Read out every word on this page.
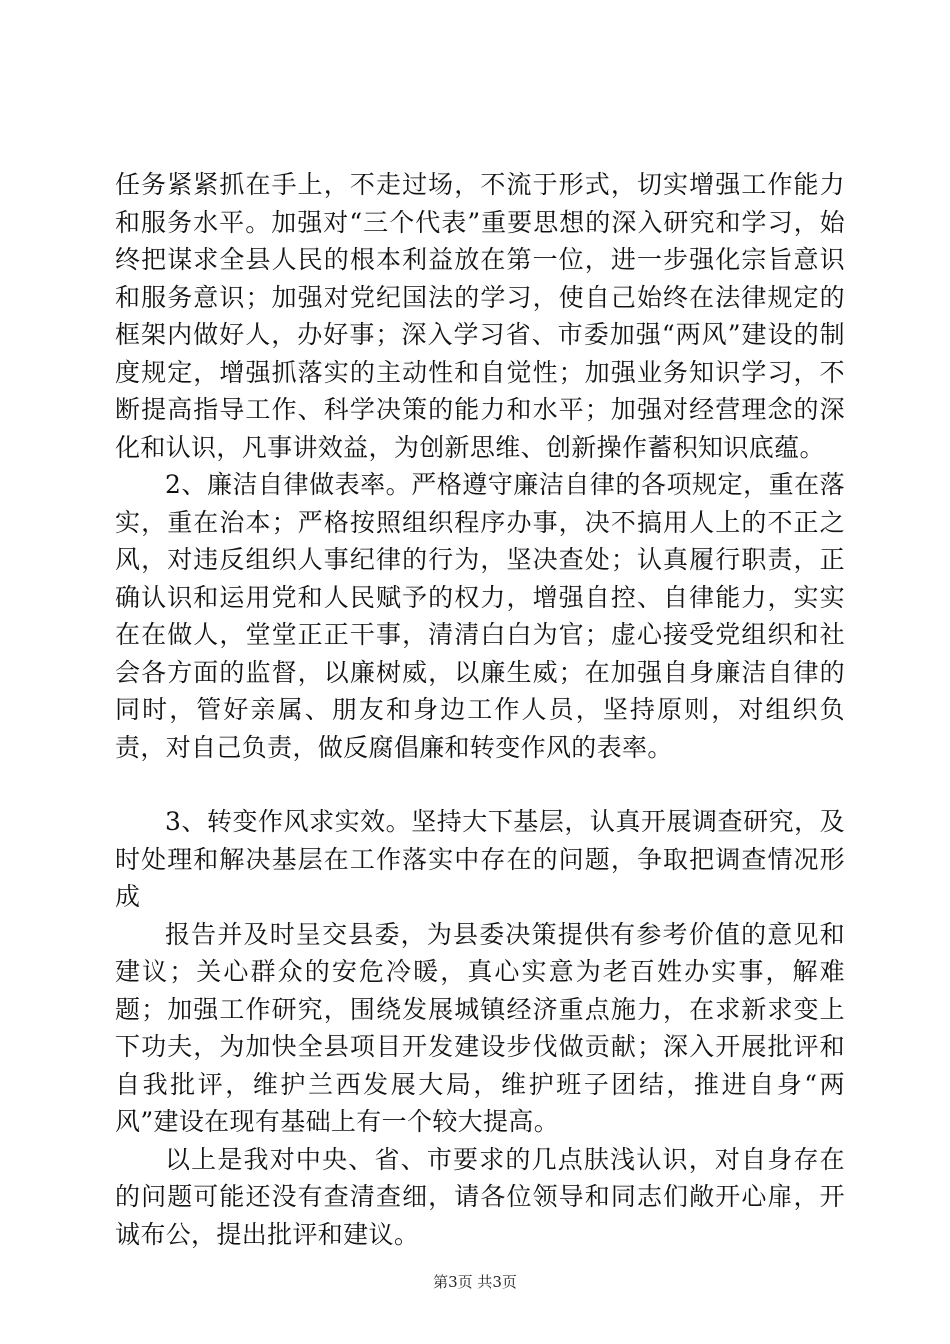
任务紧紧抓在手上，不走过场，不流于形式，切实增强工作能力和服务水平。加强对“三个代表”重要思想的深入研究和学习，始终把谋求全县人民的根本利益放在第一位，进一步强化宗旨意识和服务意识；加强对党纪国法的学习，使自己始终在法律规定的框架内做好人，办好事；深入学习省、市委加强“两风”建设的制度规定，增强抓落实的主动性和自觉性；加强业务知识学习，不断提高指导工作、科学决策的能力和水平；加强对经营理念的深化和认识，凡事讲效益，为创新思维、创新操作蓄积知识底蕴。

2、廉洁自律做表率。严格遵守廉洁自律的各项规定，重在落实，重在治本；严格按照组织程序办事，决不搞用人上的不正之风，对违反组织人事纪律的行为，坚决查处；认真履行职责，正确认识和运用党和人民赋予的权力，增强自控、自律能力，实实在在做人，堂堂正正干事，清清白白为官；虚心接受党组织和社会各方面的监督，以廉树威，以廉生威；在加强自身廉洁自律的同时，管好亲属、朋友和身边工作人员，坚持原则，对组织负责，对自己负责，做反腐倡廉和转变作风的表率。

3、转变作风求实效。坚持大下基层，认真开展调查研究，及时处理和解决基层在工作落实中存在的问题，争取把调查情况形成

报告并及时呈交县委，为县委决策提供有参考价值的意见和建议；关心群众的安危冷暖，真心实意为老百姓办实事，解难题；加强工作研究，围绕发展城镇经济重点施力，在求新求变上下功夫，为加快全县项目开发建设步伐做贡献；深入开展批评和自我批评，维护兰西发展大局，维护班子团结，推进自身“两风”建设在现有基础上有一个较大提高。

以上是我对中央、省、市要求的几点肤浅认识，对自身存在的问题可能还没有查清查细，请各位领导和同志们敞开心扉，开诚布公，提出批评和建议。

第3页 共3页
